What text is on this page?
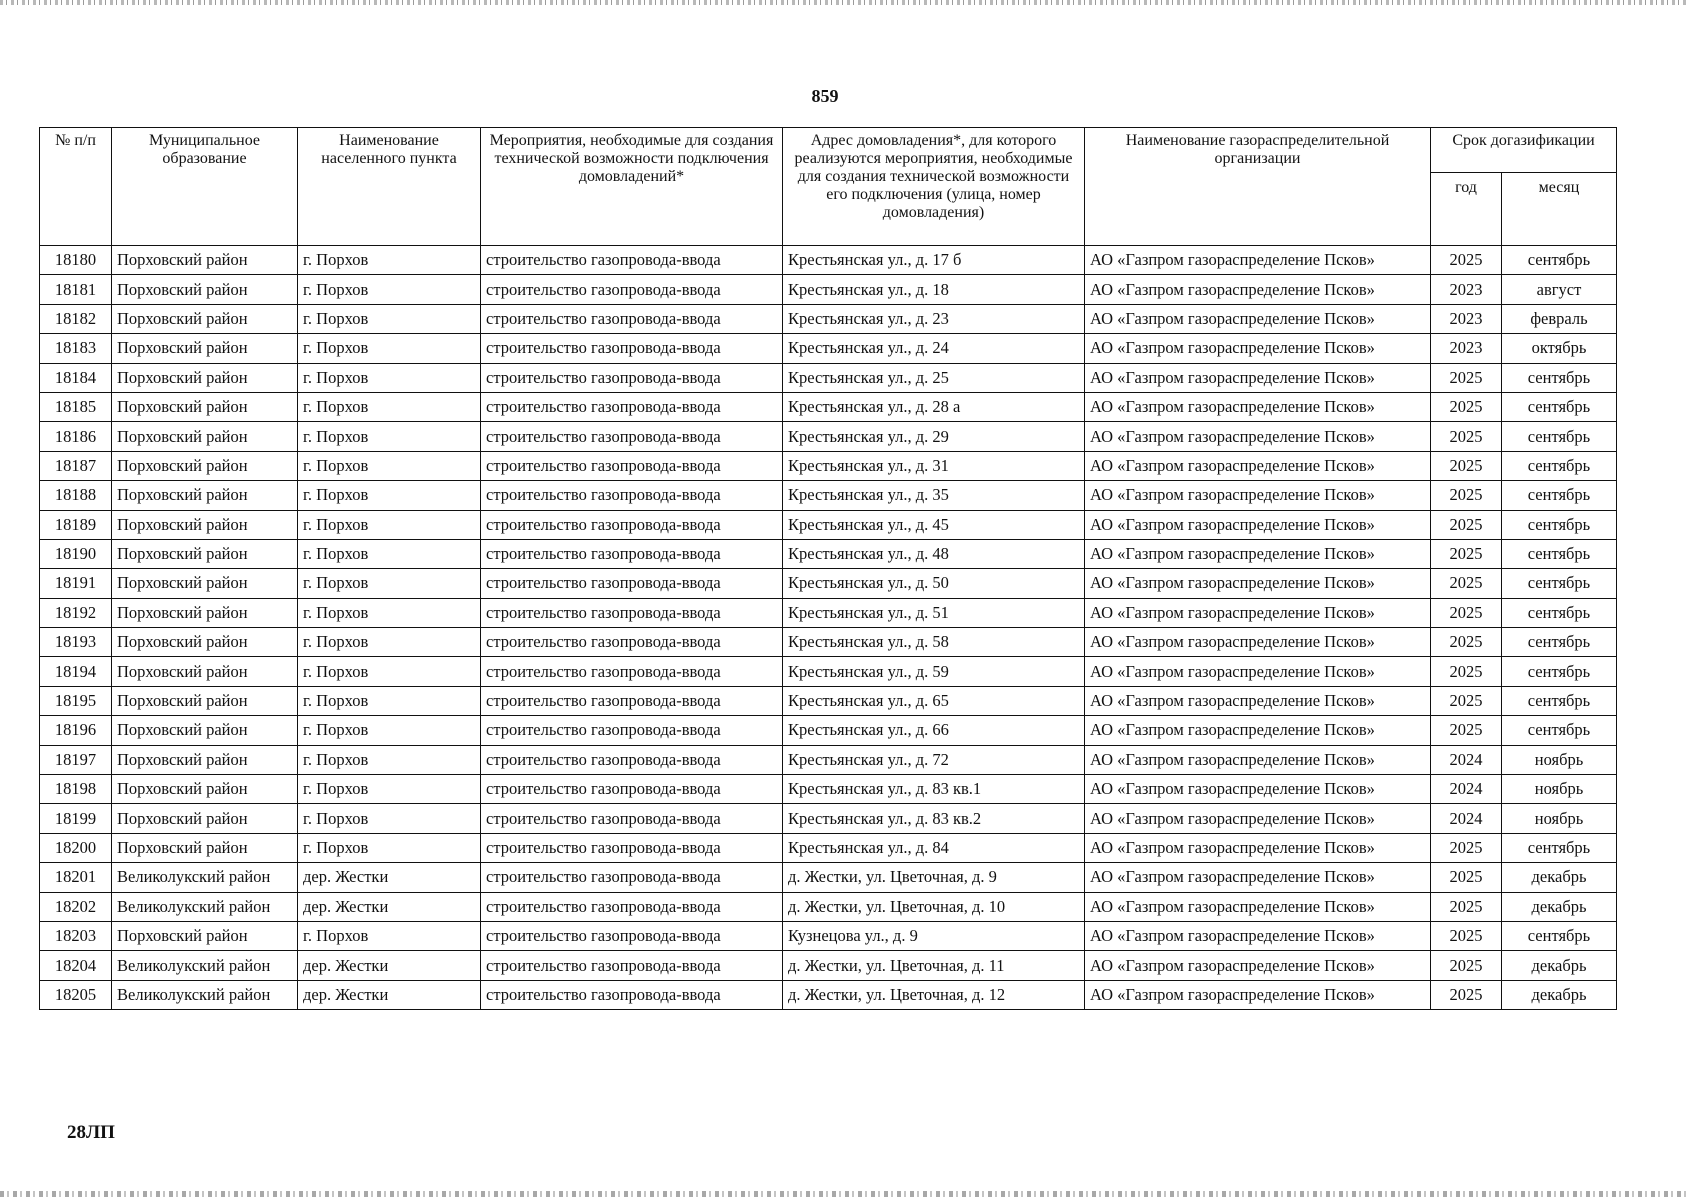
859
№ п/п	Муниципальное образование	Наименование населенного пункта	Мероприятия, необходимые для создания технической возможности подключения домовладений*	Адрес домовладения*, для которого реализуются мероприятия, необходимые для создания технической возможности его подключения (улица, номер домовладения)	Наименование газораспределительной организации	Срок догазификации	
						год	месяц
18180	Порховский район	г. Порхов	строительство газопровода-ввода	Крестьянская ул., д. 17 б	АО «Газпром газораспределение Псков»	2025	сентябрь
18181	Порховский район	г. Порхов	строительство газопровода-ввода	Крестьянская ул., д. 18	АО «Газпром газораспределение Псков»	2023	август
18182	Порховский район	г. Порхов	строительство газопровода-ввода	Крестьянская ул., д. 23	АО «Газпром газораспределение Псков»	2023	февраль
18183	Порховский район	г. Порхов	строительство газопровода-ввода	Крестьянская ул., д. 24	АО «Газпром газораспределение Псков»	2023	октябрь
18184	Порховский район	г. Порхов	строительство газопровода-ввода	Крестьянская ул., д. 25	АО «Газпром газораспределение Псков»	2025	сентябрь
18185	Порховский район	г. Порхов	строительство газопровода-ввода	Крестьянская ул., д. 28 а	АО «Газпром газораспределение Псков»	2025	сентябрь
18186	Порховский район	г. Порхов	строительство газопровода-ввода	Крестьянская ул., д. 29	АО «Газпром газораспределение Псков»	2025	сентябрь
18187	Порховский район	г. Порхов	строительство газопровода-ввода	Крестьянская ул., д. 31	АО «Газпром газораспределение Псков»	2025	сентябрь
18188	Порховский район	г. Порхов	строительство газопровода-ввода	Крестьянская ул., д. 35	АО «Газпром газораспределение Псков»	2025	сентябрь
18189	Порховский район	г. Порхов	строительство газопровода-ввода	Крестьянская ул., д. 45	АО «Газпром газораспределение Псков»	2025	сентябрь
18190	Порховский район	г. Порхов	строительство газопровода-ввода	Крестьянская ул., д. 48	АО «Газпром газораспределение Псков»	2025	сентябрь
18191	Порховский район	г. Порхов	строительство газопровода-ввода	Крестьянская ул., д. 50	АО «Газпром газораспределение Псков»	2025	сентябрь
18192	Порховский район	г. Порхов	строительство газопровода-ввода	Крестьянская ул., д. 51	АО «Газпром газораспределение Псков»	2025	сентябрь
18193	Порховский район	г. Порхов	строительство газопровода-ввода	Крестьянская ул., д. 58	АО «Газпром газораспределение Псков»	2025	сентябрь
18194	Порховский район	г. Порхов	строительство газопровода-ввода	Крестьянская ул., д. 59	АО «Газпром газораспределение Псков»	2025	сентябрь
18195	Порховский район	г. Порхов	строительство газопровода-ввода	Крестьянская ул., д. 65	АО «Газпром газораспределение Псков»	2025	сентябрь
18196	Порховский район	г. Порхов	строительство газопровода-ввода	Крестьянская ул., д. 66	АО «Газпром газораспределение Псков»	2025	сентябрь
18197	Порховский район	г. Порхов	строительство газопровода-ввода	Крестьянская ул., д. 72	АО «Газпром газораспределение Псков»	2024	ноябрь
18198	Порховский район	г. Порхов	строительство газопровода-ввода	Крестьянская ул., д. 83 кв.1	АО «Газпром газораспределение Псков»	2024	ноябрь
18199	Порховский район	г. Порхов	строительство газопровода-ввода	Крестьянская ул., д. 83 кв.2	АО «Газпром газораспределение Псков»	2024	ноябрь
18200	Порховский район	г. Порхов	строительство газопровода-ввода	Крестьянская ул., д. 84	АО «Газпром газораспределение Псков»	2025	сентябрь
18201	Великолукский район	дер. Жестки	строительство газопровода-ввода	д. Жестки, ул. Цветочная, д. 9	АО «Газпром газораспределение Псков»	2025	декабрь
18202	Великолукский район	дер. Жестки	строительство газопровода-ввода	д. Жестки, ул. Цветочная, д. 10	АО «Газпром газораспределение Псков»	2025	декабрь
18203	Порховский район	г. Порхов	строительство газопровода-ввода	Кузнецова ул., д. 9	АО «Газпром газораспределение Псков»	2025	сентябрь
18204	Великолукский район	дер. Жестки	строительство газопровода-ввода	д. Жестки, ул. Цветочная, д. 11	АО «Газпром газораспределение Псков»	2025	декабрь
18205	Великолукский район	дер. Жестки	строительство газопровода-ввода	д. Жестки, ул. Цветочная, д. 12	АО «Газпром газораспределение Псков»	2025	декабрь
28ЛП
